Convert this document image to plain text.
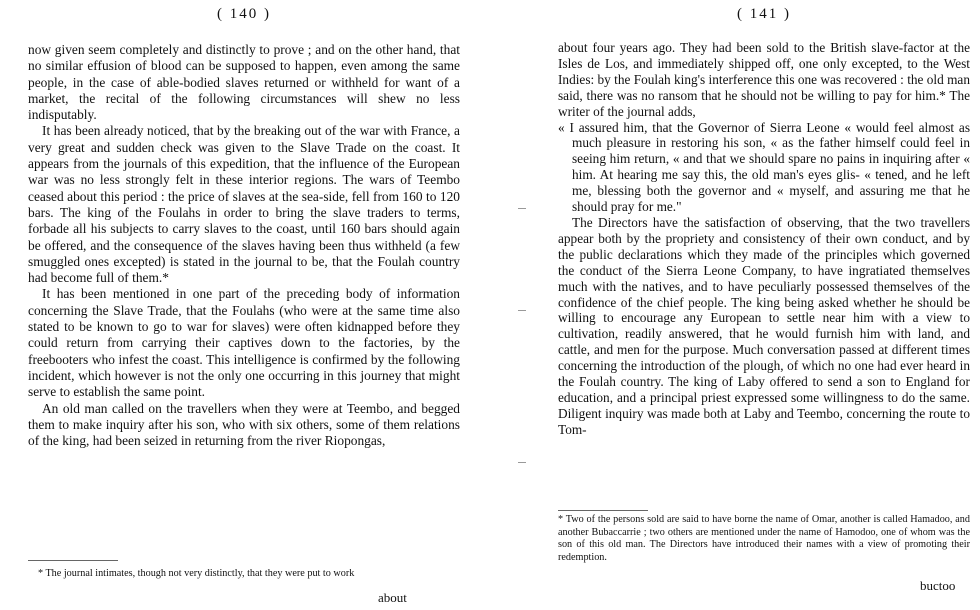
( 140 )

now given seem completely and distinctly to prove ; and on the other hand, that no similar effusion of blood can be supposed to happen, even among the same people, in the case of able-bodied slaves returned or withheld for want of a market, the recital of the following circumstances will shew no less indisputably.

It has been already noticed, that by the breaking out of the war with France, a very great and sudden check was given to the Slave Trade on the coast. It appears from the journals of this expedition, that the influence of the European war was no less strongly felt in these interior regions. The wars of Teembo ceased about this period : the price of slaves at the sea-side, fell from 160 to 120 bars. The king of the Foulahs in order to bring the slave traders to terms, forbade all his subjects to carry slaves to the coast, until 160 bars should again be offered, and the consequence of the slaves having been thus withheld (a few smuggled ones excepted) is stated in the journal to be, that the Foulah country had become full of them.*

It has been mentioned in one part of the preceding body of information concerning the Slave Trade, that the Foulahs (who were at the same time also stated to be known to go to war for slaves) were often kidnapped before they could return from carrying their captives down to the factories, by the freebooters who infest the coast. This intelligence is confirmed by the following incident, which however is not the only one occurring in this journey that might serve to establish the same point.

An old man called on the travellers when they were at Teembo, and begged them to make inquiry after his son, who with six others, some of them relations of the king, had been seized in returning from the river Riopongas,

* The journal intimates, though not very distinctly, that they were put to work
about
( 141 )

about four years ago. They had been sold to the British slave-factor at the Isles de Los, and immediately shipped off, one only excepted, to the West Indies: by the Foulah king's interference this one was recovered : the old man said, there was no ransom that he should not be willing to pay for him.* The writer of the journal adds,

« I assured him, that the Governor of Sierra Leone « would feel almost as much pleasure in restoring his son, « as the father himself could feel in seeing him return, « and that we should spare no pains in inquiring after « him. At hearing me say this, the old man's eyes glis- « tened, and he left me, blessing both the governor and « myself, and assuring me that he should pray for me."

The Directors have the satisfaction of observing, that the two travellers appear both by the propriety and consistency of their own conduct, and by the public declarations which they made of the principles which governed the conduct of the Sierra Leone Company, to have ingratiated themselves much with the natives, and to have peculiarly possessed themselves of the confidence of the chief people. The king being asked whether he should be willing to encourage any European to settle near him with a view to cultivation, readily answered, that he would furnish him with land, and cattle, and men for the purpose. Much conversation passed at different times concerning the introduction of the plough, of which no one had ever heard in the Foulah country. The king of Laby offered to send a son to England for education, and a principal priest expressed some willingness to do the same. Diligent inquiry was made both at Laby and Teembo, concerning the route to Tom-

* Two of the persons sold are said to have borne the name of Omar, another is called Hamadoo, and another Bubaccarrie ; two others are mentioned under the name of Hamodoo, one of whom was the son of this old man. The Directors have introduced their names with a view of promoting their redemption.
buctoo
